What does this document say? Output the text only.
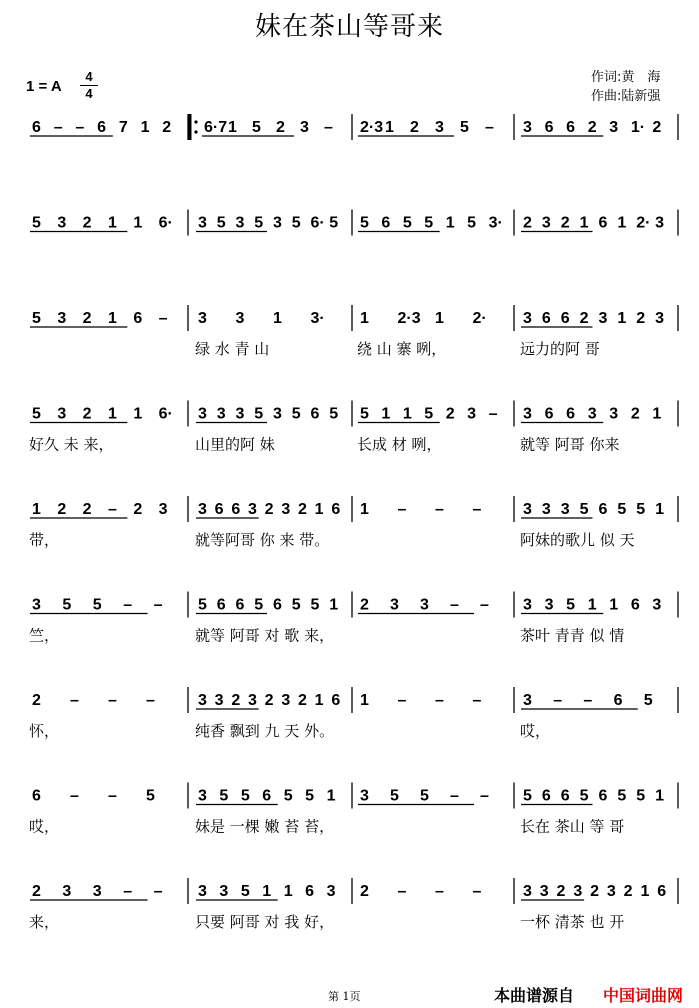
妹在茶山等哥来
1 = A
4
4
作词:黄　海
作曲:陆新强
6 – – 6 7 1 2 6·7 1 5 2 3 – 2·3 1 2 3 5 – 3 6 6 2 3 1· 2
5 3 2 1 1 6· 3 5 3 5 3 5 6· 5 5 6 5 5 1 5 3· 2 3 2 1 6 1 2· 3
5 3 2 1 6 – 3 3 1 3·
绿 水 青 山
1 2·3 1 2·
绕 山 寨 咧，
3 6 6 2 3 1 2 3
远力的阿 哥
5 3 2 1 1 6·
好久 未 来，
3 3 3 5 3 5 6 5
山里的阿 妹
5 1 1 5 2 3 –
长成 材 咧，
3 6 6 3 3 2 1
就等 阿哥 你来
1 2 2 – 2 3
带，
3 6 6 3 2 3 2 1 6
就等阿哥 你 来 带。
1 – – –	3 3 3 5 6 5 5 1
阿妹的歌儿 似 天
3 5 5 – –
竺，
5 6 6 5 6 5 5 1
就等 阿哥 对 歌 来，
2 3 3 – – 3 3 5 1 1 6 3
茶叶 青青 似 情
2 – – –
怀，
3 3 2 3 2 3 2 1 6
纯香 飘到 九 天 外。
1 – – –	3 – – 6 5
哎，
6 – – 5
哎，
3 5 5 6 5 5 1
妹是 一棵 嫩 苔 苔，
3 5 5 – – 5 6 6 5 6 5 5 1
长在 茶山 等 哥
2 3 3 – –
来，
3 3 5 1 1 6 3
只要 阿哥 对 我 好，
2 – – –	3 3 2 3 2 3 2 1 6
一杯 清茶 也 开
第 1页	本曲谱源自 中国词曲网
